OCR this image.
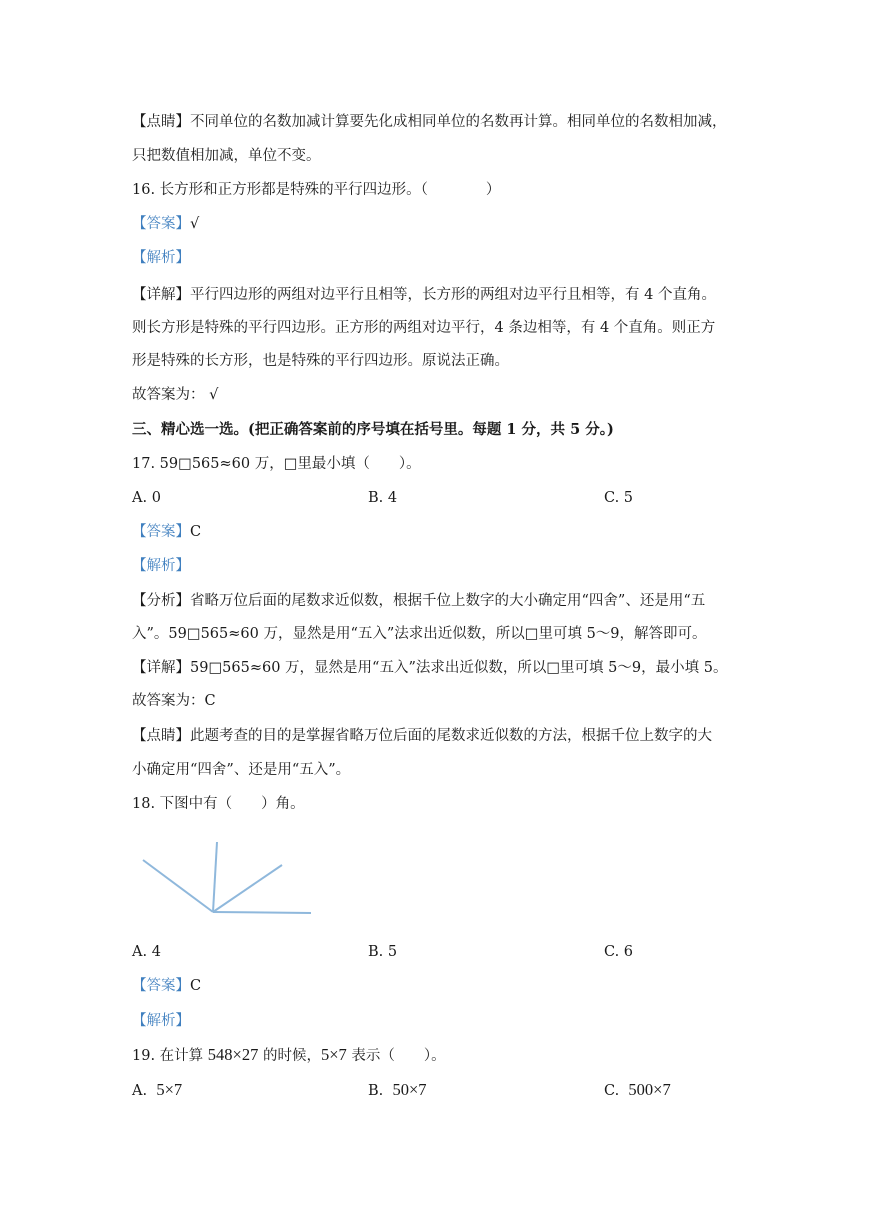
【点睛】不同单位的名数加减计算要先化成相同单位的名数再计算。相同单位的名数相加减，
只把数值相加减，单位不变。
16. 长方形和正方形都是特殊的平行四边形。（　　　　）
【答案】√
【解析】
【详解】平行四边形的两组对边平行且相等，长方形的两组对边平行且相等，有 4 个直角。
则长方形是特殊的平行四边形。正方形的两组对边平行，4 条边相等，有 4 个直角。则正方
形是特殊的长方形，也是特殊的平行四边形。原说法正确。
故答案为： √
三、精心选一选。(把正确答案前的序号填在括号里。每题 1 分，共 5 分。)
17. 59□565≈60 万，□里最小填（　　）。
A. 0	B. 4	C. 5
【答案】C
【解析】
【分析】省略万位后面的尾数求近似数，根据千位上数字的大小确定用“四舍”、还是用“五
入”。59□565≈60 万，显然是用“五入”法求出近似数，所以□里可填 5～9，解答即可。
【详解】59□565≈60 万，显然是用“五入”法求出近似数，所以□里可填 5～9，最小填 5。
故答案为：C
【点睛】此题考查的目的是掌握省略万位后面的尾数求近似数的方法，根据千位上数字的大
小确定用“四舍”、还是用“五入”。
18. 下图中有（　　）角。
A. 4	B. 5	C. 6
【答案】C
【解析】
19. 在计算 548×27 的时候，5×7 表示（　　）。
A. 5×7	B. 50×7	C. 500×7
